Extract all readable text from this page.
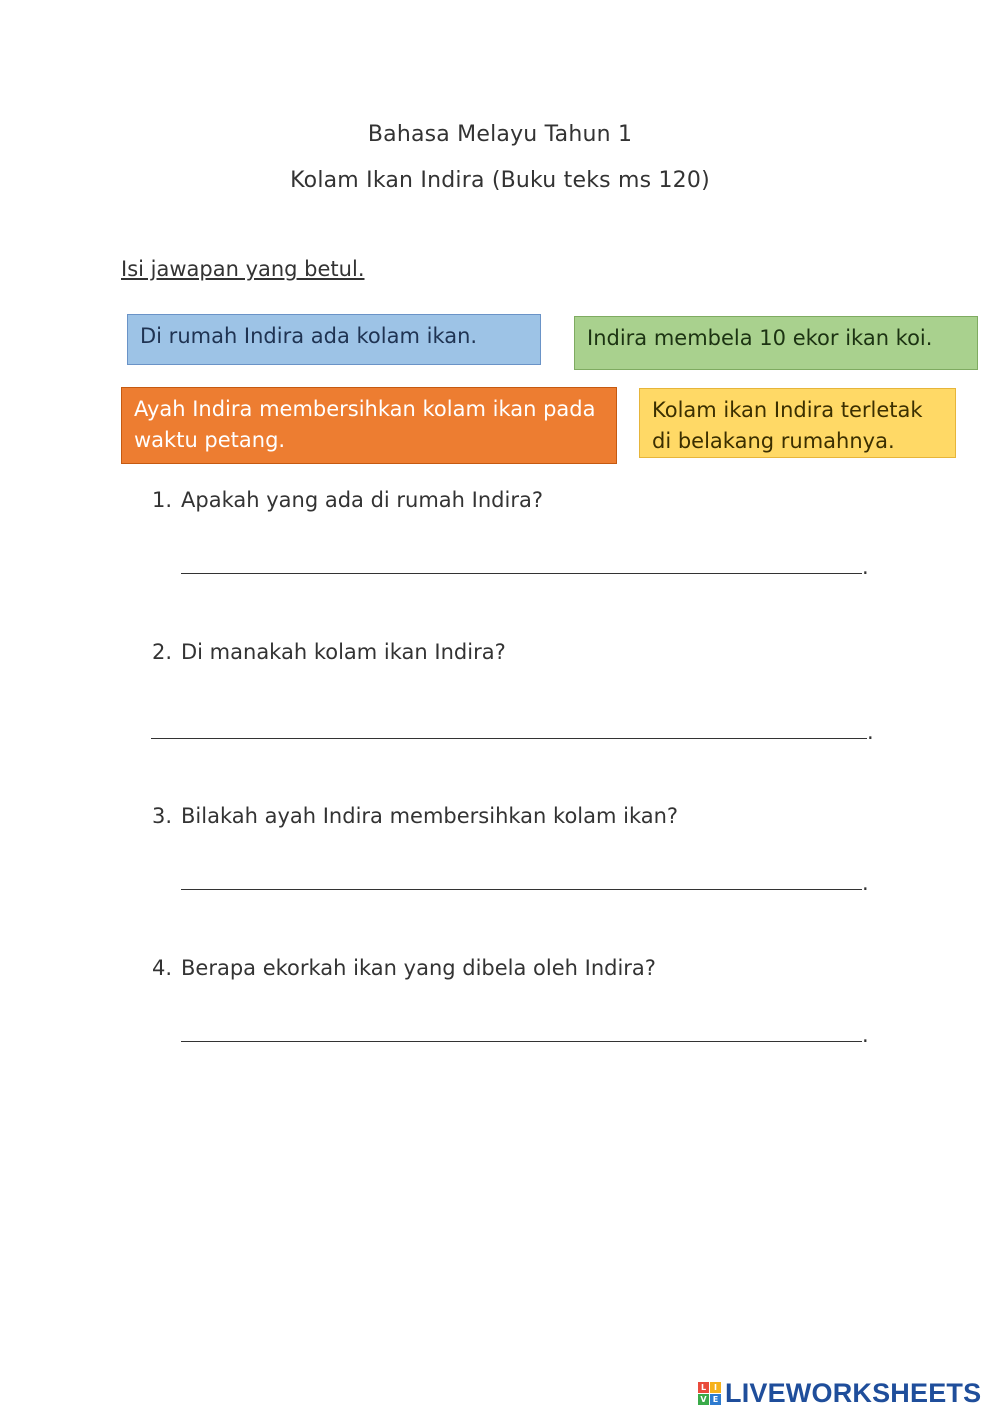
Bahasa Melayu Tahun 1
Kolam Ikan Indira (Buku teks ms 120)
Isi jawapan yang betul.
Di rumah Indira ada kolam ikan.	Indira membela 10 ekor ikan koi.
Ayah Indira membersihkan kolam ikan pada waktu petang.
Kolam ikan Indira terletak di belakang rumahnya.
1. Apakah yang ada di rumah Indira?
.
2. Di manakah kolam ikan Indira?
.
3. Bilakah ayah Indira membersihkan kolam ikan?
.
4. Berapa ekorkah ikan yang dibela oleh Indira?
.
L I
V E LIVEWORKSHEETS
